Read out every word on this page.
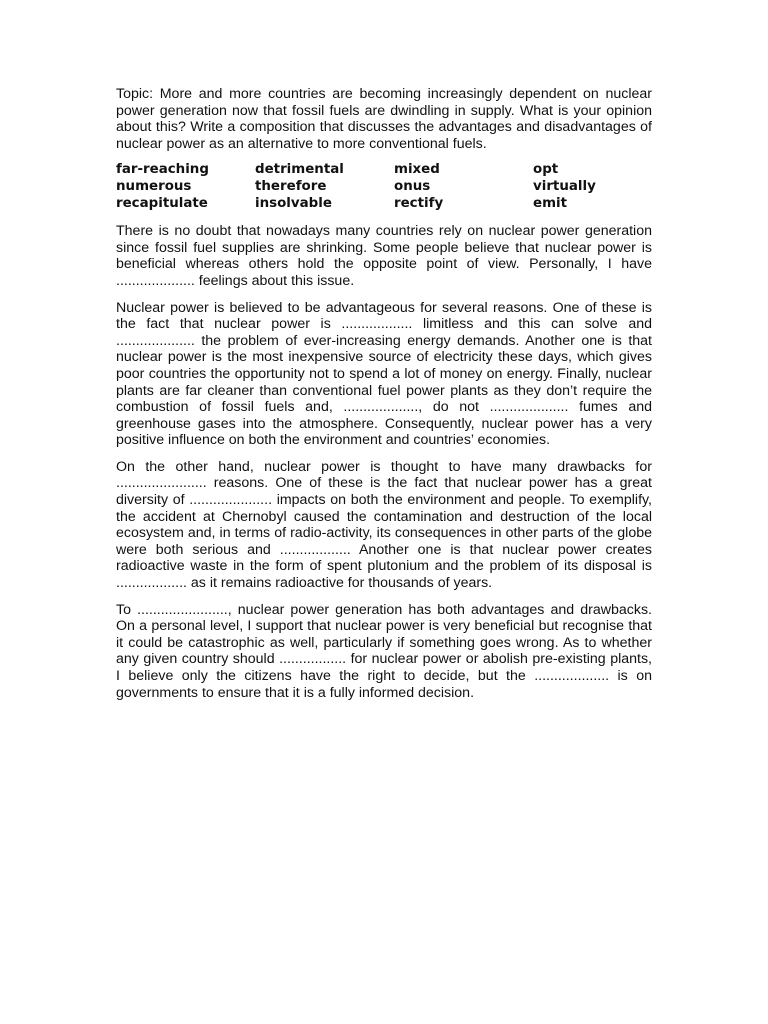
Topic: More and more countries are becoming increasingly dependent on nuclear power generation now that fossil fuels are dwindling in supply. What is your opinion about this? Write a composition that discusses the advantages and disadvantages of nuclear power as an alternative to more conventional fuels.

far-reaching	detrimental	mixed	opt
numerous	therefore	onus	virtually
recapitulate	insolvable	rectify	emit

There is no doubt that nowadays many countries rely on nuclear power generation since fossil fuel supplies are shrinking. Some people believe that nuclear power is beneficial whereas others hold the opposite point of view. Personally, I have .................... feelings about this issue.

Nuclear power is believed to be advantageous for several reasons. One of these is the fact that nuclear power is .................. limitless and this can solve and .................... the problem of ever-increasing energy demands. Another one is that nuclear power is the most inexpensive source of electricity these days, which gives poor countries the opportunity not to spend a lot of money on energy. Finally, nuclear plants are far cleaner than conventional fuel power plants as they don’t require the combustion of fossil fuels and, ..................., do not .................... fumes and greenhouse gases into the atmosphere. Consequently, nuclear power has a very positive influence on both the environment and countries’ economies.

On the other hand, nuclear power is thought to have many drawbacks for ....................... reasons. One of these is the fact that nuclear power has a great diversity of ..................... impacts on both the environment and people. To exemplify, the accident at Chernobyl caused the contamination and destruction of the local ecosystem and, in terms of radio-activity, its consequences in other parts of the globe were both serious and .................. Another one is that nuclear power creates radioactive waste in the form of spent plutonium and the problem of its disposal is .................. as it remains radioactive for thousands of years.

To ......................., nuclear power generation has both advantages and drawbacks. On a personal level, I support that nuclear power is very beneficial but recognise that it could be catastrophic as well, particularly if something goes wrong. As to whether any given country should ................. for nuclear power or abolish pre-existing plants, I believe only the citizens have the right to decide, but the ................... is on governments to ensure that it is a fully informed decision.
